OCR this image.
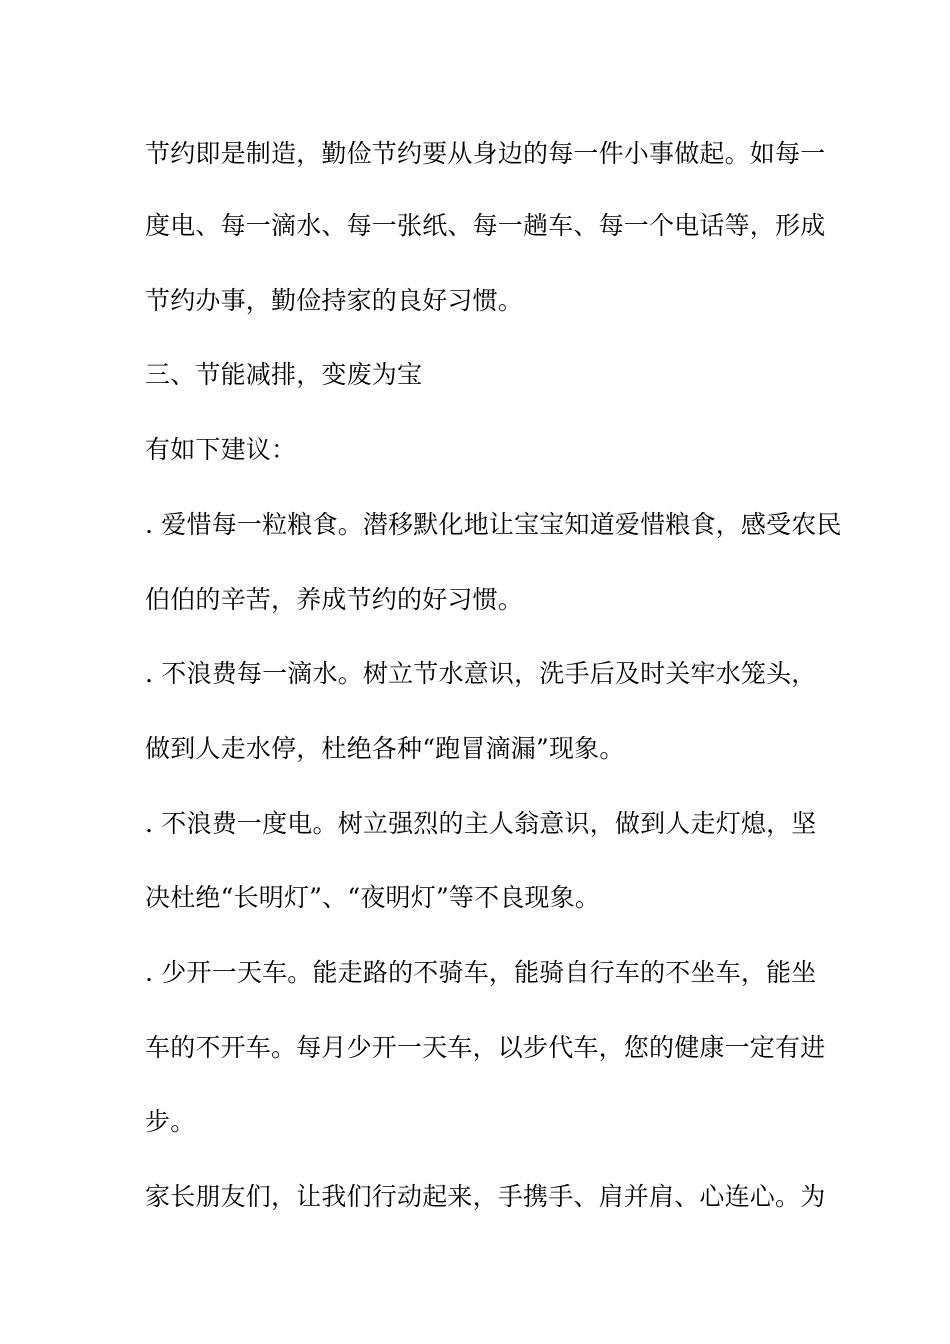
节约即是制造，勤俭节约要从身边的每一件小事做起。如每一
度电、每一滴水、每一张纸、每一趟车、每一个电话等，形成
节约办事，勤俭持家的良好习惯。
三、节能减排，变废为宝
有如下建议：
. 爱惜每一粒粮食。潜移默化地让宝宝知道爱惜粮食，感受农民
伯伯的辛苦，养成节约的好习惯。
. 不浪费每一滴水。树立节水意识，洗手后及时关牢水笼头，
做到人走水停，杜绝各种“跑冒滴漏”现象。
. 不浪费一度电。树立强烈的主人翁意识，做到人走灯熄，坚
决杜绝“长明灯”、“夜明灯”等不良现象。
. 少开一天车。能走路的不骑车，能骑自行车的不坐车，能坐
车的不开车。每月少开一天车，以步代车，您的健康一定有进
步。
家长朋友们，让我们行动起来，手携手、肩并肩、心连心。为
